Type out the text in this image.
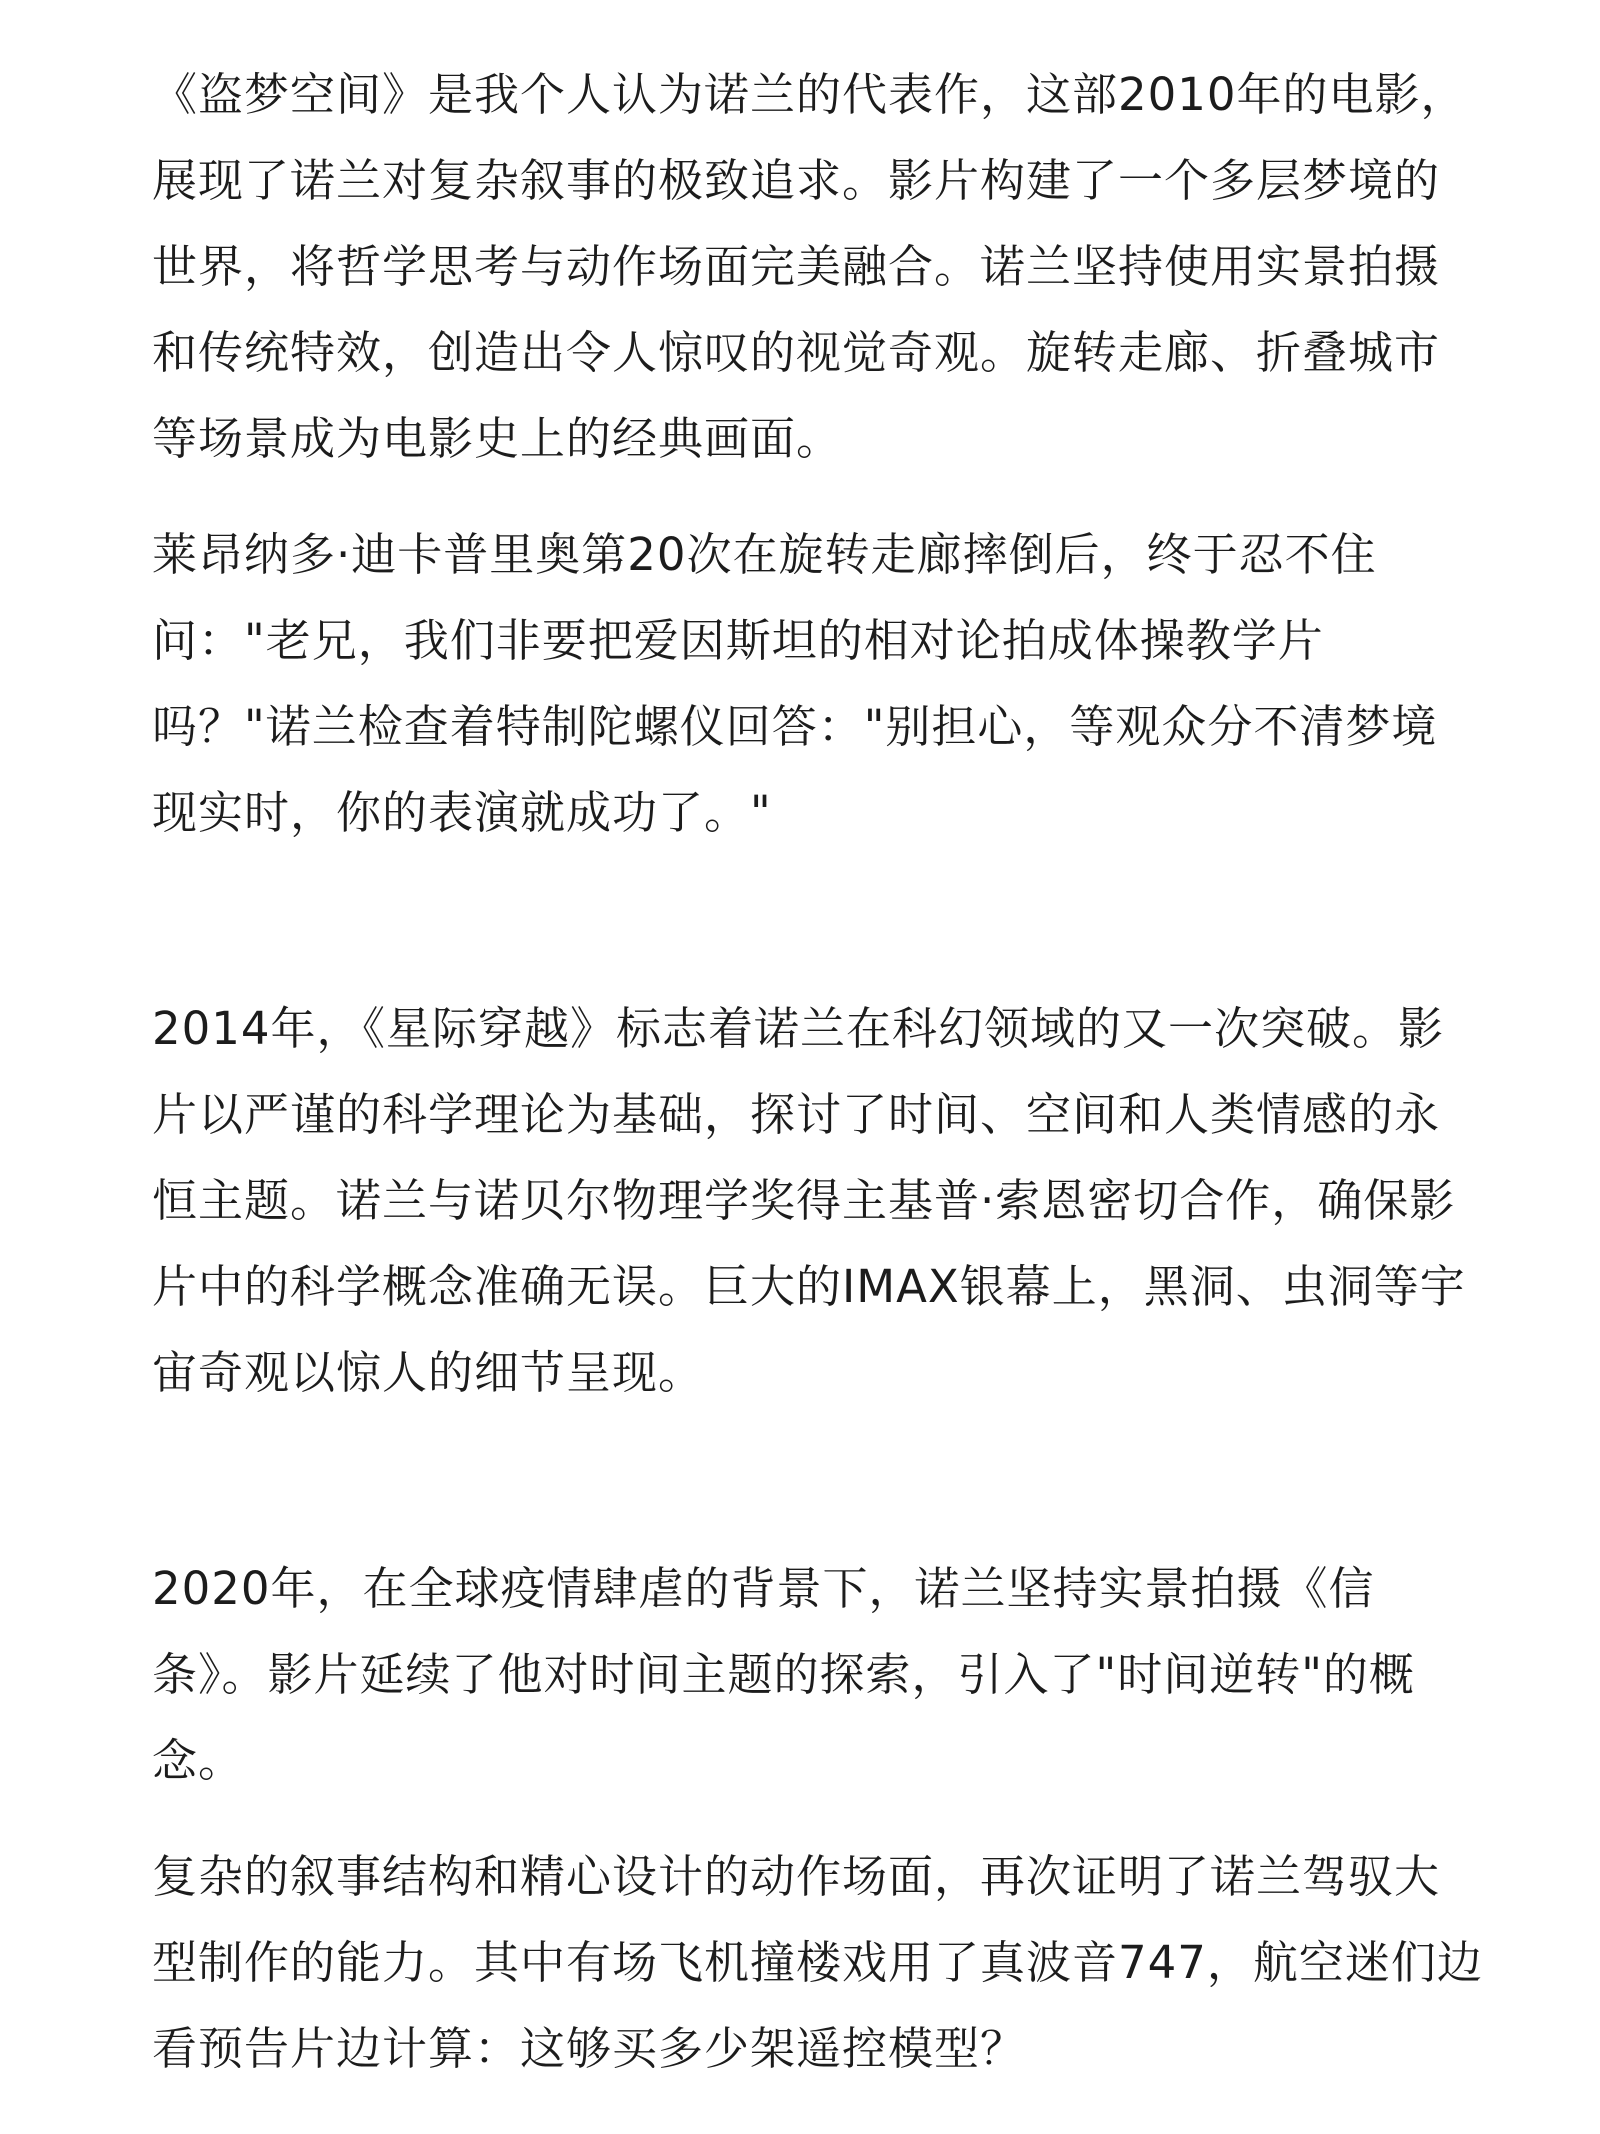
《盗梦空间》是我个人认为诺兰的代表作，这部2010年的电影，
展现了诺兰对复杂叙事的极致追求。影片构建了一个多层梦境的
世界，将哲学思考与动作场面完美融合。诺兰坚持使用实景拍摄
和传统特效，创造出令人惊叹的视觉奇观。旋转走廊、折叠城市
等场景成为电影史上的经典画面。
莱昂纳多·迪卡普里奥第20次在旋转走廊摔倒后，终于忍不住
问："老兄，我们非要把爱因斯坦的相对论拍成体操教学片
吗？"诺兰检查着特制陀螺仪回答："别担心，等观众分不清梦境
现实时，你的表演就成功了。"
2014年，《星际穿越》标志着诺兰在科幻领域的又一次突破。影
片以严谨的科学理论为基础，探讨了时间、空间和人类情感的永
恒主题。诺兰与诺贝尔物理学奖得主基普·索恩密切合作，确保影
片中的科学概念准确无误。巨大的IMAX银幕上，黑洞、虫洞等宇
宙奇观以惊人的细节呈现。
2020年，在全球疫情肆虐的背景下，诺兰坚持实景拍摄《信
条》。影片延续了他对时间主题的探索，引入了"时间逆转"的概
念。
复杂的叙事结构和精心设计的动作场面，再次证明了诺兰驾驭大
型制作的能力。其中有场飞机撞楼戏用了真波音747，航空迷们边
看预告片边计算：这够买多少架遥控模型？
